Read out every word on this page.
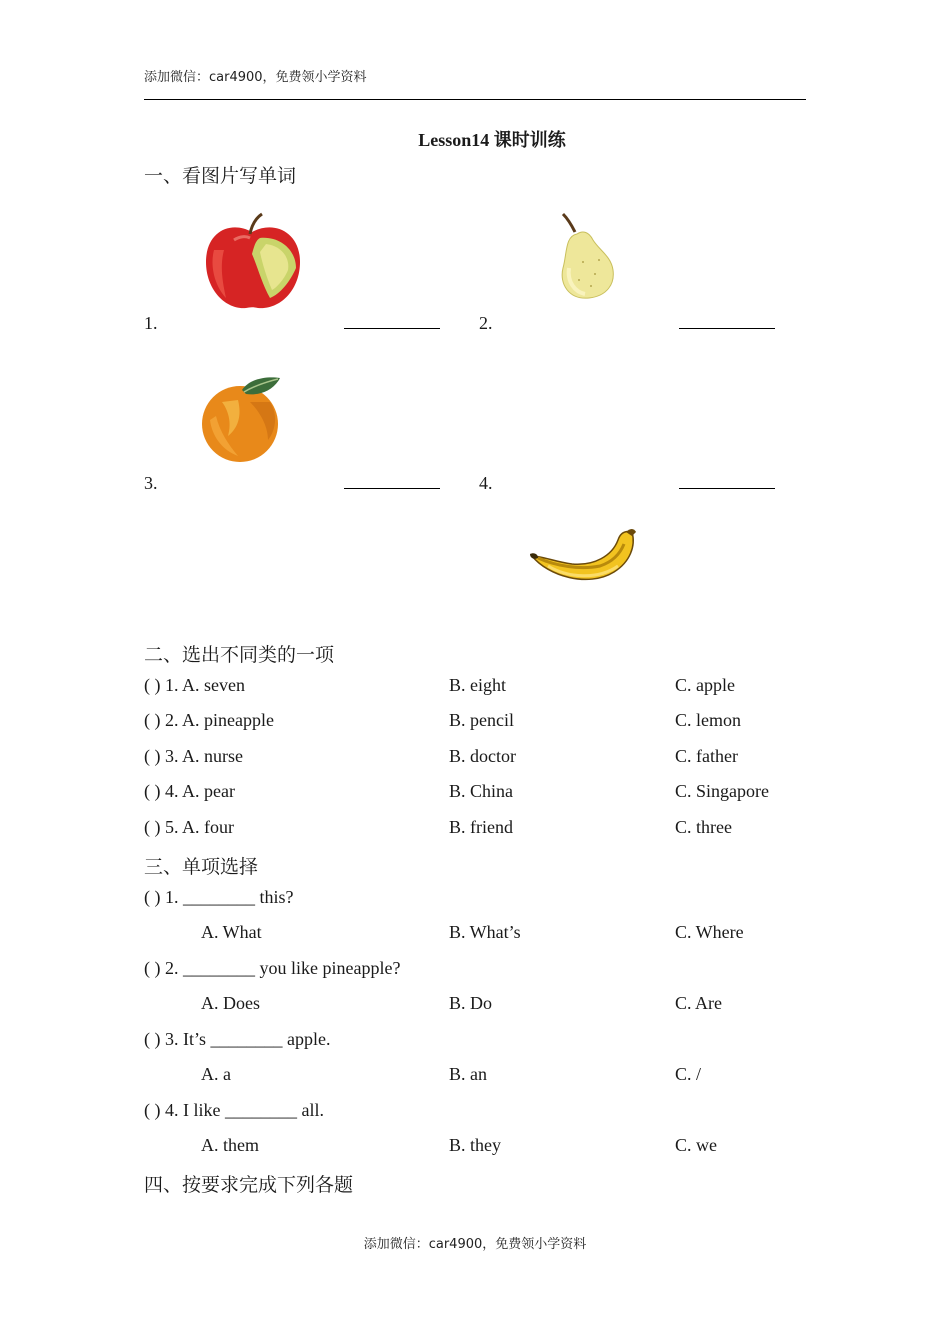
添加微信：car4900，免费领小学资料
Lesson14 课时训练
一、看图片写单词
1.	2.
3.	4.
二、选出不同类的一项
( ) 1. A. seven	B. eight	C. apple
( ) 2. A. pineapple	B. pencil	C. lemon
( ) 3. A. nurse	B. doctor	C. father
( ) 4. A. pear	B. China	C. Singapore
( ) 5. A. four	B. friend	C. three
三、单项选择
( ) 1. ________ this?
A. What	B. What’s	C. Where
( ) 2. ________ you like pineapple?
A. Does	B. Do	C. Are
( ) 3. It’s ________ apple.
A. a	B. an	C. /
( ) 4. I like ________ all.
A. them	B. they	C. we
四、按要求完成下列各题
添加微信：car4900，免费领小学资料
